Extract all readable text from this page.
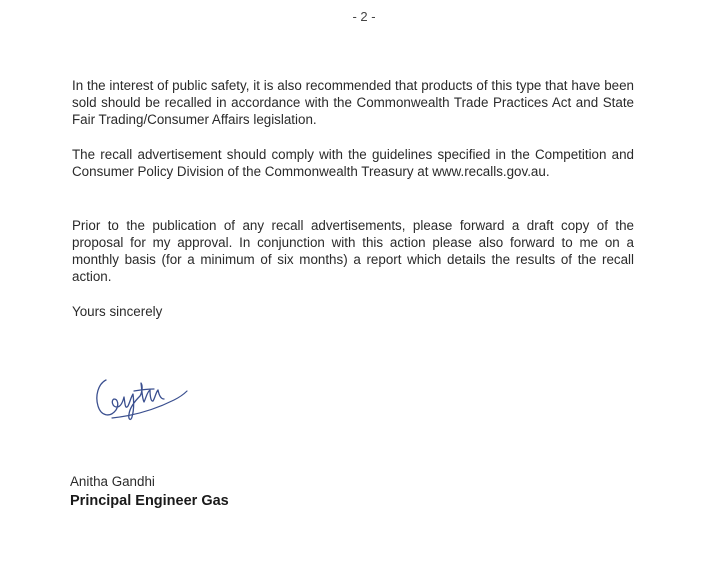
- 2 -

In the interest of public safety, it is also recommended that products of this type that have been sold should be recalled in accordance with the Commonwealth Trade Practices Act and State Fair Trading/Consumer Affairs legislation.

The recall advertisement should comply with the guidelines specified in the Competition and Consumer Policy Division of the Commonwealth Treasury at www.recalls.gov.au.

Prior to the publication of any recall advertisements, please forward a draft copy of the proposal for my approval. In conjunction with this action please also forward to me on a monthly basis (for a minimum of six months) a report which details the results of the recall action.

Yours sincerely

Anitha Gandhi

Principal Engineer Gas
